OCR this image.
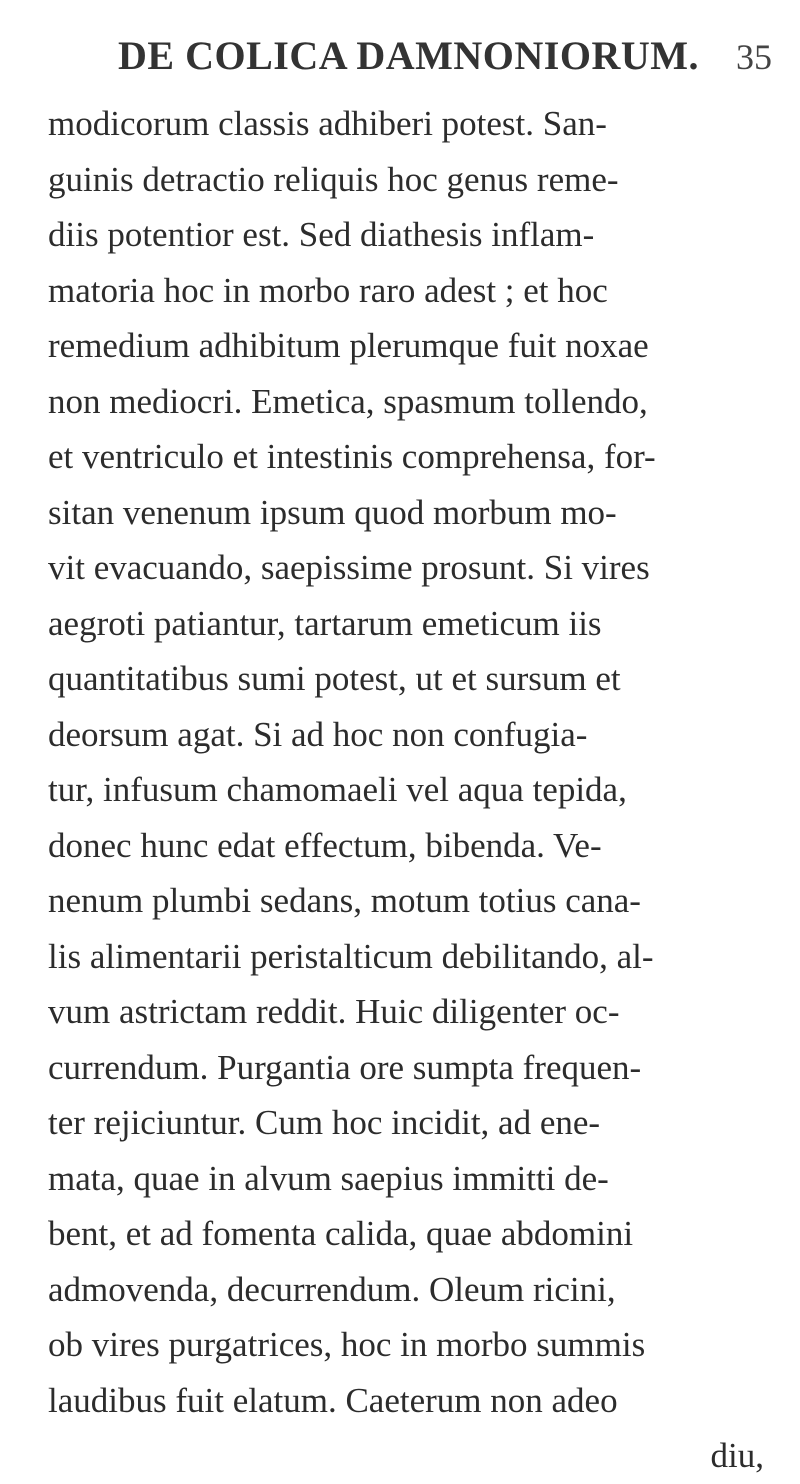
DE COLICA DAMNONIORUM. 35
modicorum classis adhiberi potest. San-
guinis detractio reliquis hoc genus reme-
diis potentior est. Sed diathesis inflam-
matoria hoc in morbo raro adest ; et hoc
remedium adhibitum plerumque fuit noxae
non mediocri. Emetica, spasmum tollendo,
et ventriculo et intestinis comprehensa, for-
sitan venenum ipsum quod morbum mo-
vit evacuando, saepissime prosunt. Si vires
aegroti patiantur, tartarum emeticum iis
quantitatibus sumi potest, ut et sursum et
deorsum agat. Si ad hoc non confugia-
tur, infusum chamomaeli vel aqua tepida,
donec hunc edat effectum, bibenda. Ve-
nenum plumbi sedans, motum totius cana-
lis alimentarii peristalticum debilitando, al-
vum astrictam reddit. Huic diligenter oc-
currendum. Purgantia ore sumpta frequen-
ter rejiciuntur. Cum hoc incidit, ad ene-
mata, quae in alvum saepius immitti de-
bent, et ad fomenta calida, quae abdomini
admovenda, decurrendum. Oleum ricini,
ob vires purgatrices, hoc in morbo summis
laudibus fuit elatum. Caeterum non adeo
diu,
